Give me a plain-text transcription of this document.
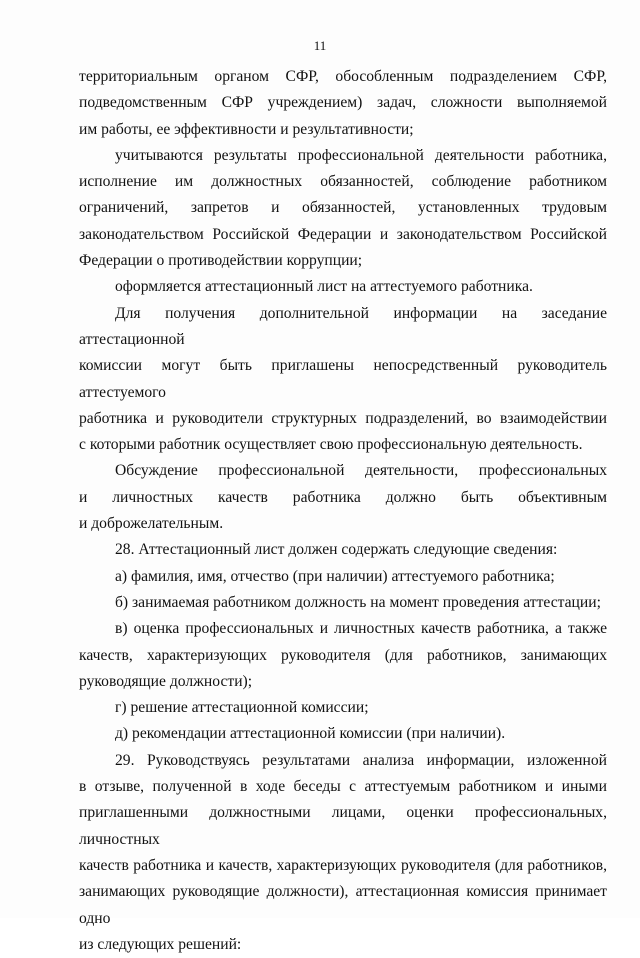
11

территориальным органом СФР, обособленным подразделением СФР,
подведомственным СФР учреждением) задач, сложности выполняемой
им работы, ее эффективности и результативности;

учитываются результаты профессиональной деятельности работника,
исполнение им должностных обязанностей, соблюдение работником
ограничений, запретов и обязанностей, установленных трудовым
законодательством Российской Федерации и законодательством Российской
Федерации о противодействии коррупции;

оформляется аттестационный лист на аттестуемого работника.

Для получения дополнительной информации на заседание аттестационной
комиссии могут быть приглашены непосредственный руководитель аттестуемого
работника и руководители структурных подразделений, во взаимодействии
с которыми работник осуществляет свою профессиональную деятельность.

Обсуждение профессиональной деятельности, профессиональных
и личностных качеств работника должно быть объективным
и доброжелательным.

28. Аттестационный лист должен содержать следующие сведения:

а) фамилия, имя, отчество (при наличии) аттестуемого работника;

б) занимаемая работником должность на момент проведения аттестации;

в) оценка профессиональных и личностных качеств работника, а также
качеств, характеризующих руководителя (для работников, занимающих
руководящие должности);

г) решение аттестационной комиссии;

д) рекомендации аттестационной комиссии (при наличии).

29. Руководствуясь результатами анализа информации, изложенной
в отзыве, полученной в ходе беседы с аттестуемым работником и иными
приглашенными должностными лицами, оценки профессиональных, личностных
качеств работника и качеств, характеризующих руководителя (для работников,
занимающих руководящие должности), аттестационная комиссия принимает одно
из следующих решений:
